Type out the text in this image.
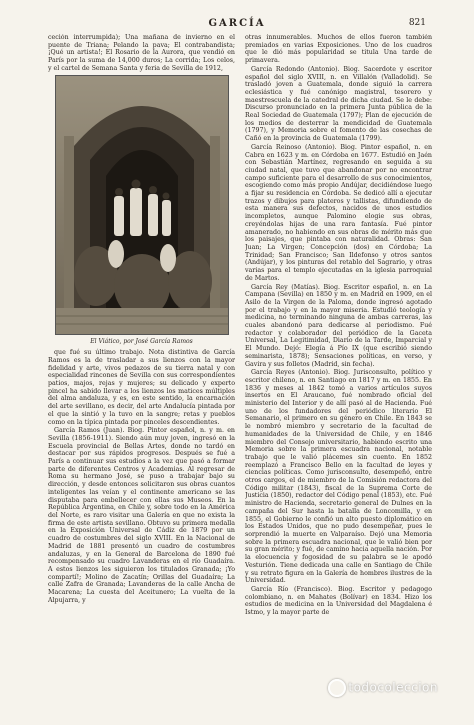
GARCÍA	821

ceción interrumpida); Una mañana de invierno en el puente de Triana; Pelando la pava; El contrabandista; ¡Qué un artista!; El Rosario de la Aurora, que vendió en París por la suma de 14,000 duros; La corrida; Los celos, y el cartel de Semana Santa y feria de Sevilla de 1912,

El Viático, por José García Ramos

que fué su último trabajo. Nota distintiva de García Ramos es la de trasladar a sus lienzos con la mayor fidelidad y arte, vivos pedazos de su tierra natal y con especialidad rincones de Sevilla con sus correspondientes patios, majos, rejas y mujeres; su delicado y experto pincel ha sabido llevar a los lienzos los matices múltiples del alma andaluza, y es, en este sentido, la encarnación del arte sevillano, es decir, del arte Andalucía pintada por el que la sintió y la tuvo en la sangre; retas y pueblos como en la típica pintada por pinceles descendientes.

García Ramos (Juan). Biog. Pintor español, n. y m. en Sevilla (1856-1911). Siendo aún muy joven, ingresó en la Escuela provincial de Bellas Artes, donde no tardó en destacar por sus rápidos progresos. Después se fué a París a continuar sus estudios a la vez que pasó a formar parte de diferentes Centros y Academias. Al regresar de Roma su hermano José, se puso a trabajar bajo su dirección, y desde entonces solicitaron sus obras cuantos inteligentes las veían y el continente americano se las disputaba para embellecer con ellas sus Museos. En la República Argentina, en Chile y, sobre todo en la América del Norte, es raro visitar una Galería en que no exista la firma de este artista sevillano. Obtuvo su primera medalla en la Exposición Universal de Cádiz de 1879 por un cuadro de costumbres del siglo XVIII. En la Nacional de Madrid de 1881 presentó un cuadro de costumbres andaluzas, y en la General de Barcelona de 1890 fué recompensado su cuadro Lavanderas en el río Guadaíra. A estos lienzos les siguieron los titulados Granada; ¡Yo compartí!; Molino de Zacatín; Orillas del Guadaíra; La calle Zafra de Granada; Lavanderas de la calle Ancha de Macarena; La cuesta del Aceitunero; La vuelta de la Alpujarra, y

otras innumerables. Muchos de ellos fueron también premiados en varias Exposiciones. Uno de los cuadros que le dió más popularidad se titula Una tarde de primavera.

García Redondo (Antonio). Biog. Sacerdote y escritor español del siglo XVIII, n. en Villalón (Valladolid). Se trasladó joven a Guatemala, donde siguió la carrera eclesiástica y fué canónigo magistral, tesorero y maestrescuela de la catedral de dicha ciudad. Se le debe: Discurso pronunciado en la primera Junta pública de la Real Sociedad de Guatemala (1797); Plan de ejecución de los medios de desterrar la mendicidad de Guatemala (1797), y Memoria sobre el fomento de las cosechas de Cañó en la provincia de Guatemala (1799).

García Reinoso (Antonio). Biog. Pintor español, n. en Cabra en 1623 y m. en Córdoba en 1677. Estudió en Jaén con Sebastián Martínez, regresando en seguida a su ciudad natal, que tuvo que abandonar por no encontrar campo suficiente para el desarrollo de sus conocimientos, escogiendo como más propio Andújar, decidiéndose luego a fijar su residencia en Córdoba. Se dedicó allí a ejecutar trazos y dibujos para plateros y tallistas, difundiendo de esta manera sus defectos, nacidos de unos estudios incompletos, aunque Palomino elogie sus obras, creyéndolas hijas de una rara fantasía. Fué pintor amanerado, no habiendo en sus obras de mérito más que los paisajes, que pintaba con naturalidad. Obras: San Juan; La Virgen; Concepción (dos) en Córdoba; La Trinidad; San Francisco; San Ildefonso y otros santos (Andújar), y los pinturas del retablo del Sagrario, y otras varias para el templo ejecutadas en la iglesia parroquial de Martos.

García Rey (Matías). Biog. Escritor español, n. en La Campana (Sevilla) en 1850 y m. en Madrid en 1909, en el Asilo de la Virgen de la Paloma, donde ingresó agotado por el trabajo y en la mayor miseria. Estudió teología y medicina, no terminando ninguna de ambas carreras, las cuales abandonó para dedicarse al periodismo. Fué redactor y colaborador del periódico de la Gaceta Universal, La Legitimidad, Diario de la Tarde, Imparcial y El Mundo. Dejó: Elegía á Pío IX (que escribió siendo seminarista, 1878); Sensaciones políticas, en verso, y Gavira y sus folletos (Madrid, sin fecha).

García Reyes (Antonio). Biog. Jurisconsulto, político y escritor chileno, n. en Santiago en 1817 y m. en 1855. En 1836 y meses al 1842 tomó a varios artículos suyos insertos en El Araucano, fué nombrado oficial del ministerio del Interior y de allí pasó al de Hacienda. Fué uno de los fundadores del periódico literario El Semanario, el primero en su género en Chile. En 1843 se le nombró miembro y secretario de la facultad de humanidades de la Universidad de Chile, y en 1846 miembro del Consejo universitario, habiendo escrito una Memoria sobre la primera escuadra nacional, notable trabajo que le valió plácemes sin cuento. En 1852 reemplazó a Francisco Bello en la facultad de leyes y ciencias políticas. Como jurisconsulto, desempeñó, entre otros cargos, el de miembro de la Comisión redactora del Código militar (1843), fiscal de la Suprema Corte de Justicia (1850), redactor del Código penal (1853), etc. Fué ministro de Hacienda, secretario general de Dulnes en la campaña del Sur hasta la batalla de Loncomilla, y en 1855, el Gobierno le confió un alto puesto diplomático en los Estados Unidos, que no pudo desempeñar, pues le sorprendió la muerte en Valparaíso. Dejó una Memoria sobre la primera escuadra nacional, que le valió bien por su gran mérito; y fué, de camino hacia aquella nación. Por la elocuencia y fogosidad de su palabra se le apodó Vesturión. Tiene dedicada una calle en Santiago de Chile y su retrato figura en la Galería de hombres ilustres de la Universidad.

García Río (Francisco). Biog. Escritor y pedagogo colombiano, n. en Mahates (Bolívar) en 1834. Hizo los estudios de medicina en la Universidad del Magdalena é Istmo, y la mayor parte de

todocoleccion
